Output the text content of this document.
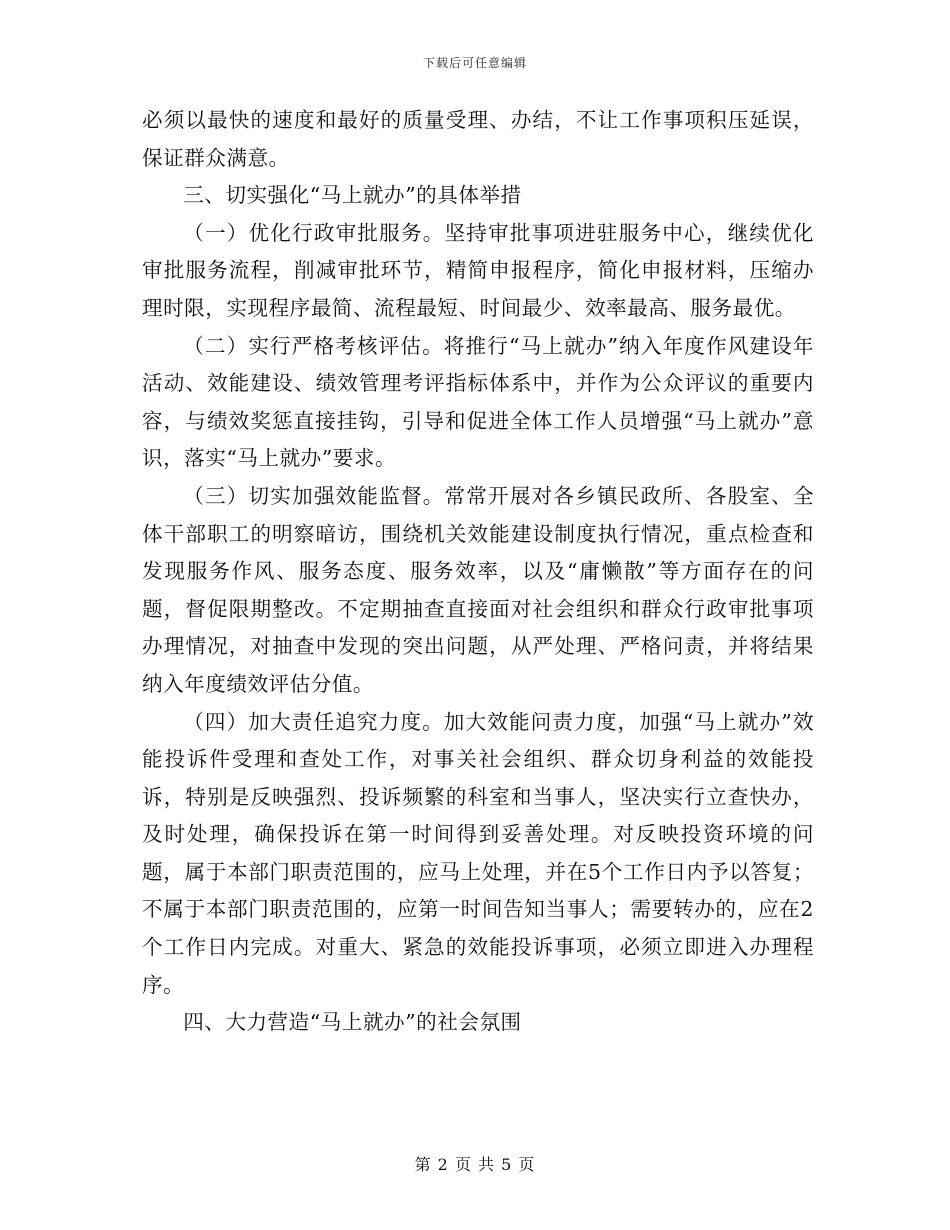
下载后可任意编辑

必须以最快的速度和最好的质量受理、办结，不让工作事项积压延误，保证群众满意。

三、切实强化“马上就办”的具体举措

（一）优化行政审批服务。坚持审批事项进驻服务中心，继续优化审批服务流程，削减审批环节，精简申报程序，简化申报材料，压缩办理时限，实现程序最简、流程最短、时间最少、效率最高、服务最优。

（二）实行严格考核评估。将推行“马上就办”纳入年度作风建设年活动、效能建设、绩效管理考评指标体系中，并作为公众评议的重要内容，与绩效奖惩直接挂钩，引导和促进全体工作人员增强“马上就办”意识，落实“马上就办”要求。

（三）切实加强效能监督。常常开展对各乡镇民政所、各股室、全体干部职工的明察暗访，围绕机关效能建设制度执行情况，重点检查和发现服务作风、服务态度、服务效率，以及“庸懒散”等方面存在的问题，督促限期整改。不定期抽查直接面对社会组织和群众行政审批事项办理情况，对抽查中发现的突出问题，从严处理、严格问责，并将结果纳入年度绩效评估分值。

（四）加大责任追究力度。加大效能问责力度，加强“马上就办”效能投诉件受理和查处工作，对事关社会组织、群众切身利益的效能投诉，特别是反映强烈、投诉频繁的科室和当事人，坚决实行立查快办，及时处理，确保投诉在第一时间得到妥善处理。对反映投资环境的问题，属于本部门职责范围的，应马上处理，并在5个工作日内予以答复；不属于本部门职责范围的，应第一时间告知当事人；需要转办的，应在2个工作日内完成。对重大、紧急的效能投诉事项，必须立即进入办理程序。

四、大力营造“马上就办”的社会氛围

第 2 页 共 5 页
